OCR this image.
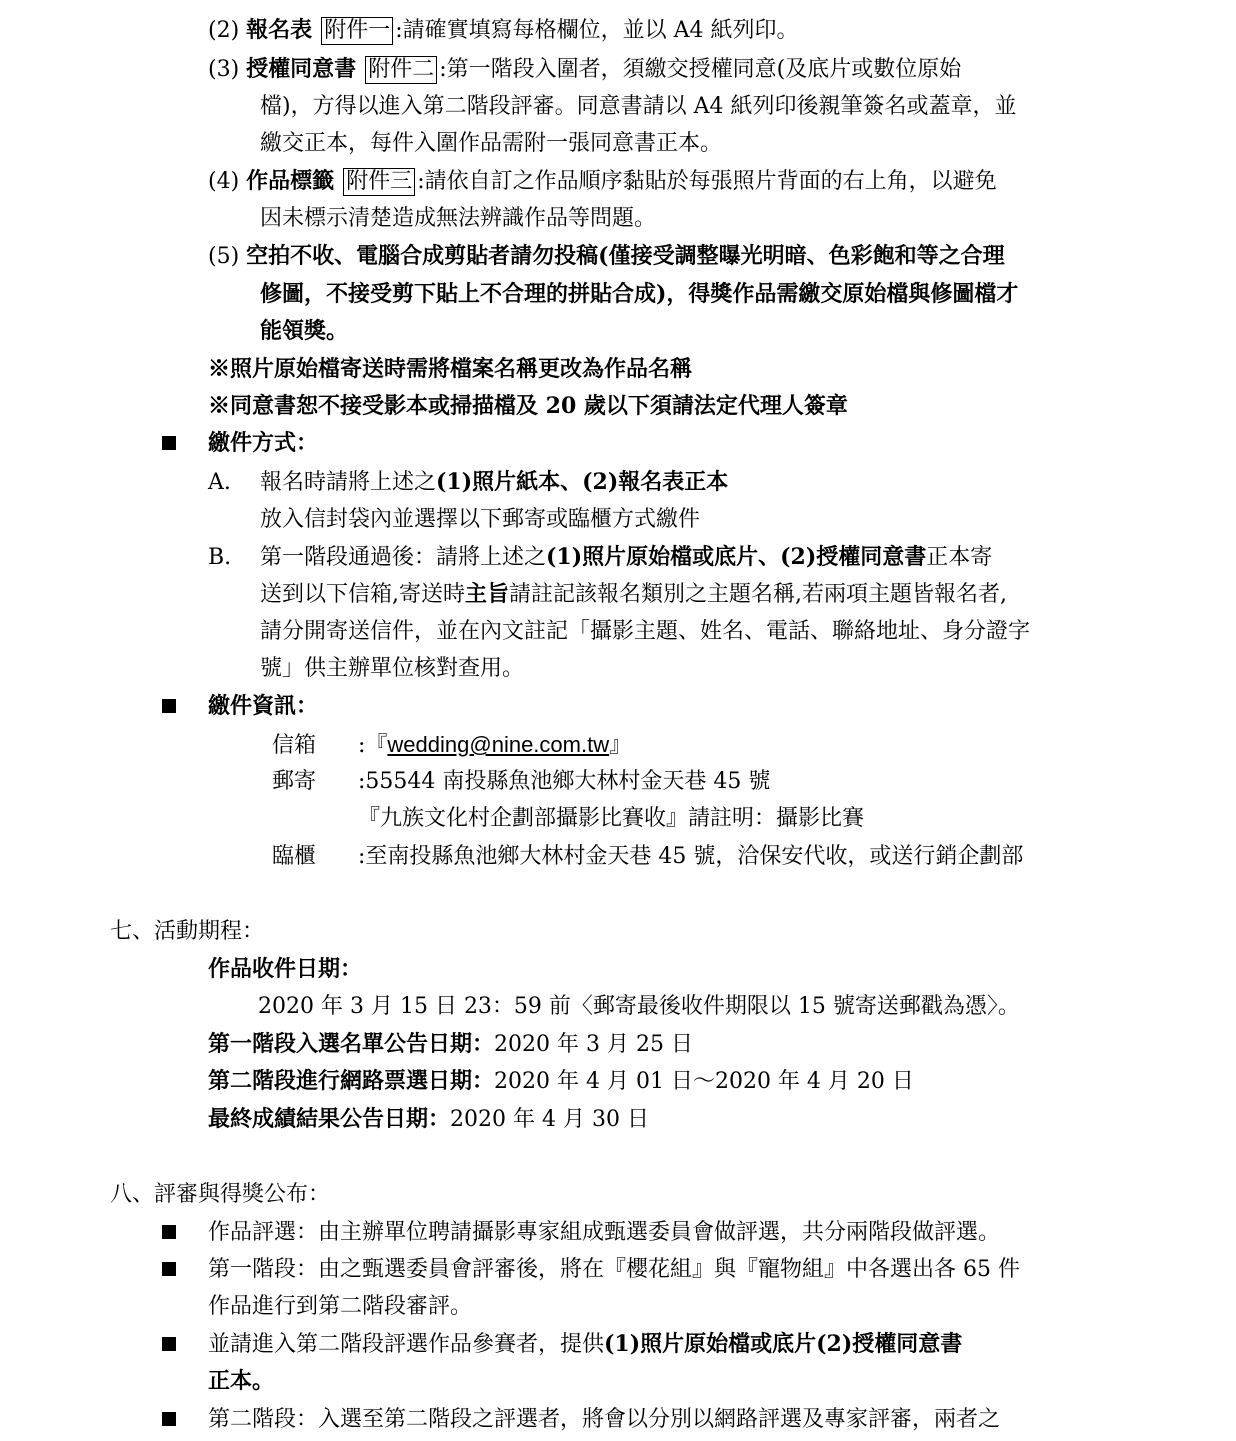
(2) 報名表 附件一 :請確實填寫每格欄位，並以 A4 紙列印。
(3) 授權同意書 附件二 :第一階段入圍者，須繳交授權同意(及底片或數位原始
檔)，方得以進入第二階段評審。同意書請以 A4 紙列印後親筆簽名或蓋章，並
繳交正本，每件入圍作品需附一張同意書正本。
(4) 作品標籤 附件三 :請依自訂之作品順序黏貼於每張照片背面的右上角，以避免
因未標示清楚造成無法辨識作品等問題。
(5) 空拍不收、電腦合成剪貼者請勿投稿(僅接受調整曝光明暗、色彩飽和等之合理
修圖，不接受剪下貼上不合理的拼貼合成)，得獎作品需繳交原始檔與修圖檔才
能領獎。
※照片原始檔寄送時需將檔案名稱更改為作品名稱
※同意書恕不接受影本或掃描檔及 20 歲以下須請法定代理人簽章
繳件方式：
A. 報名時請將上述之(1)照片紙本、(2)報名表正本
放入信封袋內並選擇以下郵寄或臨櫃方式繳件
B. 第一階段通過後：請將上述之(1)照片原始檔或底片、(2)授權同意書正本寄
送到以下信箱,寄送時主旨請註記該報名類別之主題名稱,若兩項主題皆報名者,
請分開寄送信件，並在內文註記「攝影主題、姓名、電話、聯絡地址、身分證字
號」供主辦單位核對查用。
繳件資訊：
信箱 :『wedding@nine.com.tw』
郵寄 :55544 南投縣魚池鄉大林村金天巷 45 號
『九族文化村企劃部攝影比賽收』請註明：攝影比賽
臨櫃 :至南投縣魚池鄉大林村金天巷 45 號，洽保安代收，或送行銷企劃部
七、活動期程：
作品收件日期：
2020 年 3 月 15 日 23：59 前〈郵寄最後收件期限以 15 號寄送郵戳為憑〉。
第一階段入選名單公告日期：2020 年 3 月 25 日
第二階段進行網路票選日期：2020 年 4 月 01 日～2020 年 4 月 20 日
最終成績結果公告日期：2020 年 4 月 30 日
八、評審與得獎公布：
作品評選：由主辦單位聘請攝影專家組成甄選委員會做評選，共分兩階段做評選。
第一階段：由之甄選委員會評審後，將在『櫻花組』與『寵物組』中各選出各 65 件
作品進行到第二階段審評。
並請進入第二階段評選作品參賽者，提供(1)照片原始檔或底片(2)授權同意書
正本。
第二階段：入選至第二階段之評選者，將會以分別以網路評選及專家評審，兩者之
